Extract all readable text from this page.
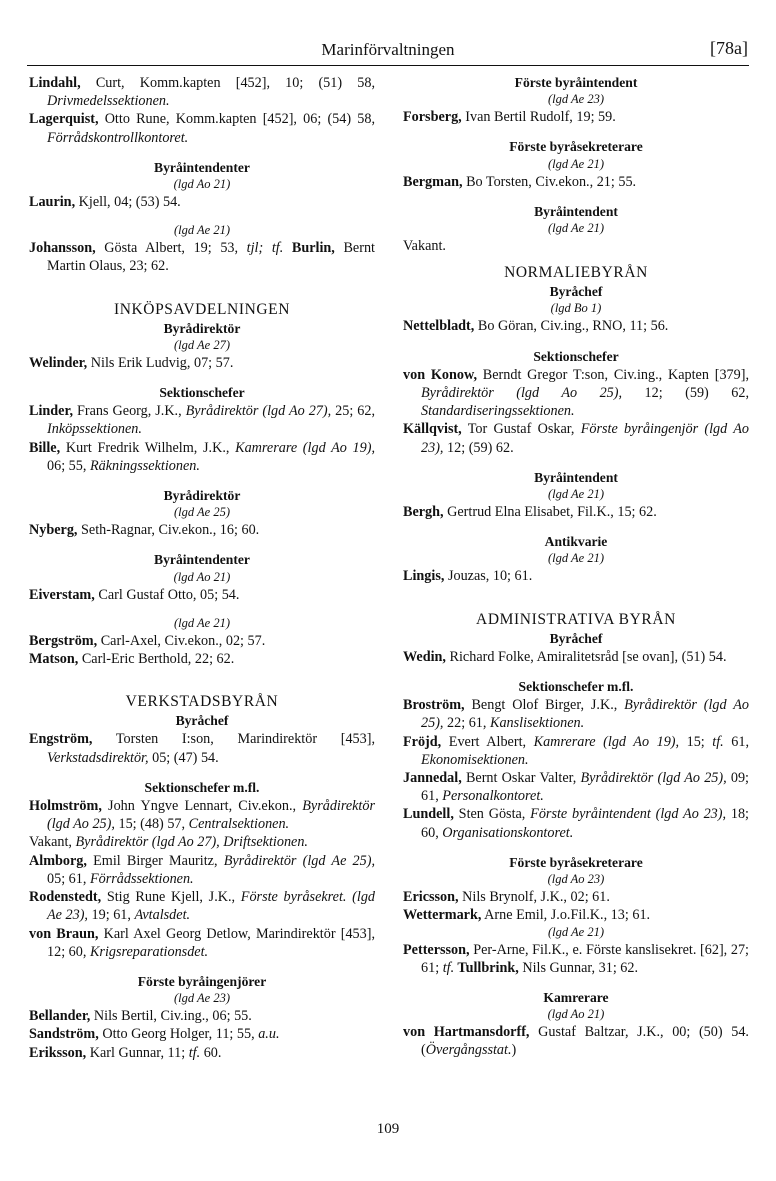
Marinförvaltningen	[78a]
Lindahl, Curt, Komm.kapten [452], 10; (51) 58, Drivmedelssektionen.
Lagerquist, Otto Rune, Komm.kapten [452], 06; (54) 58, Förrådskontrollkontoret.
Byråintendenter
(lgd Ao 21)
Laurin, Kjell, 04; (53) 54.
(lgd Ae 21)
Johansson, Gösta Albert, 19; 53, tjl; tf. Burlin, Bernt Martin Olaus, 23; 62.
INKÖPSAVDELNINGEN
Byrådirektör
(lgd Ae 27)
Welinder, Nils Erik Ludvig, 07; 57.
Sektionschefer
Linder, Frans Georg, J.K., Byrådirektör (lgd Ao 27), 25; 62, Inköpssektionen.
Bille, Kurt Fredrik Wilhelm, J.K., Kamrerare (lgd Ao 19), 06; 55, Räkningssektionen.
Byrådirektör
(lgd Ae 25)
Nyberg, Seth-Ragnar, Civ.ekon., 16; 60.
Byråintendenter
(lgd Ao 21)
Eiverstam, Carl Gustaf Otto, 05; 54.
(lgd Ae 21)
Bergström, Carl-Axel, Civ.ekon., 02; 57.
Matson, Carl-Eric Berthold, 22; 62.
VERKSTADSBYRÅN
Byråchef
Engström, Torsten I:son, Marindirektör [453], Verkstadsdirektör, 05; (47) 54.
Sektionschefer m.fl.
Holmström, John Yngve Lennart, Civ.ekon., Byrådirektör (lgd Ao 25), 15; (48) 57, Centralsektionen.
Vakant, Byrådirektör (lgd Ao 27), Driftsektionen.
Almborg, Emil Birger Mauritz, Byrådirektör (lgd Ae 25), 05; 61, Förrådssektionen.
Rodenstedt, Stig Rune Kjell, J.K., Förste byråsekret. (lgd Ae 23), 19; 61, Avtalsdet.
von Braun, Karl Axel Georg Detlow, Marindirektör [453], 12; 60, Krigsreparationsdet.
Förste byråingenjörer
(lgd Ae 23)
Bellander, Nils Bertil, Civ.ing., 06; 55.
Sandström, Otto Georg Holger, 11; 55, a.u.
Eriksson, Karl Gunnar, 11; tf. 60.
Förste byråintendent
(lgd Ae 23)
Forsberg, Ivan Bertil Rudolf, 19; 59.
Förste byråsekreterare
(lgd Ae 21)
Bergman, Bo Torsten, Civ.ekon., 21; 55.
Byråintendent
(lgd Ae 21)
Vakant.
NORMALIEBYRÅN
Byråchef
(lgd Bo 1)
Nettelbladt, Bo Göran, Civ.ing., RNO, 11; 56.
Sektionschefer
von Konow, Berndt Gregor T:son, Civ.ing., Kapten [379], Byrådirektör (lgd Ao 25), 12; (59) 62, Standardiseringssektionen.
Källqvist, Tor Gustaf Oskar, Förste byråingenjör (lgd Ao 23), 12; (59) 62.
Byråintendent
(lgd Ae 21)
Bergh, Gertrud Elna Elisabet, Fil.K., 15; 62.
Antikvarie
(lgd Ae 21)
Lingis, Jouzas, 10; 61.
ADMINISTRATIVA BYRÅN
Byråchef
Wedin, Richard Folke, Amiralitetsråd [se ovan], (51) 54.
Sektionschefer m.fl.
Broström, Bengt Olof Birger, J.K., Byrådirektör (lgd Ao 25), 22; 61, Kanslisektionen.
Fröjd, Evert Albert, Kamrerare (lgd Ao 19), 15; tf. 61, Ekonomisektionen.
Jannedal, Bernt Oskar Valter, Byrådirektör (lgd Ao 25), 09; 61, Personalkontoret.
Lundell, Sten Gösta, Förste byråintendent (lgd Ao 23), 18; 60, Organisationskontoret.
Förste byråsekreterare
(lgd Ao 23)
Ericsson, Nils Brynolf, J.K., 02; 61.
Wettermark, Arne Emil, J.o.Fil.K., 13; 61.
(lgd Ae 21)
Pettersson, Per-Arne, Fil.K., e. Förste kanslisekret. [62], 27; 61; tf. Tullbrink, Nils Gunnar, 31; 62.
Kamrerare
(lgd Ao 21)
von Hartmansdorff, Gustaf Baltzar, J.K., 00; (50) 54. (Övergångsstat.)
109
